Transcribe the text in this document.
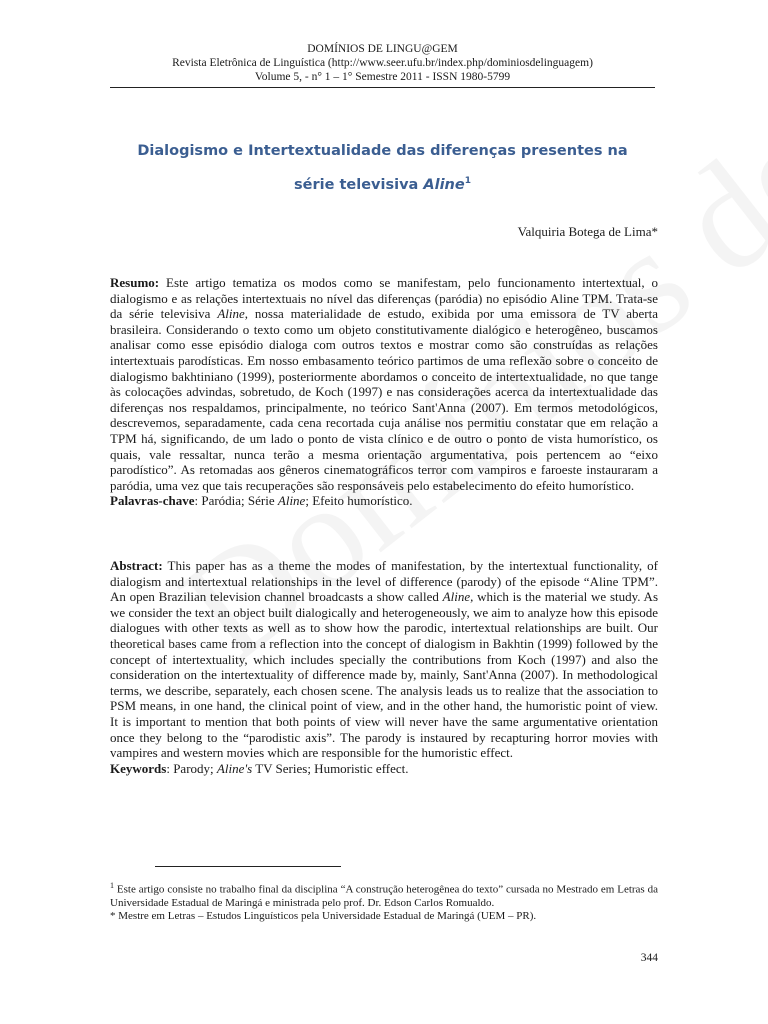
DOMÍNIOS DE LINGU@GEM
Revista Eletrônica de Linguística (http://www.seer.ufu.br/index.php/dominiosdelinguagem)
Volume 5, - n° 1 – 1° Semestre 2011 - ISSN 1980-5799
Dialogismo e Intertextualidade das diferenças presentes na
série televisiva Aline$^1$
Valquiria Botega de Lima*

Resumo: Este artigo tematiza os modos como se manifestam, pelo funcionamento intertextual, o dialogismo e as relações intertextuais no nível das diferenças (paródia) no episódio Aline TPM. Trata-se da série televisiva Aline, nossa materialidade de estudo, exibida por uma emissora de TV aberta brasileira. Considerando o texto como um objeto constitutivamente dialógico e heterogêneo, buscamos analisar como esse episódio dialoga com outros textos e mostrar como são construídas as relações intertextuais parodísticas. Em nosso embasamento teórico partimos de uma reflexão sobre o conceito de dialogismo bakhtiniano (1999), posteriormente abordamos o conceito de intertextualidade, no que tange às colocações advindas, sobretudo, de Koch (1997) e nas considerações acerca da intertextualidade das diferenças nos respaldamos, principalmente, no teórico Sant'Anna (2007). Em termos metodológicos, descrevemos, separadamente, cada cena recortada cuja análise nos permitiu constatar que em relação a TPM há, significando, de um lado o ponto de vista clínico e de outro o ponto de vista humorístico, os quais, vale ressaltar, nunca terão a mesma orientação argumentativa, pois pertencem ao “eixo parodístico”. As retomadas aos gêneros cinematográficos terror com vampiros e faroeste instauraram a paródia, uma vez que tais recuperações são responsáveis pelo estabelecimento do efeito humorístico.

Palavras-chave: Paródia; Série Aline; Efeito humorístico.

Abstract: This paper has as a theme the modes of manifestation, by the intertextual functionality, of dialogism and intertextual relationships in the level of difference (parody) of the episode “Aline TPM”. An open Brazilian television channel broadcasts a show called Aline, which is the material we study. As we consider the text an object built dialogically and heterogeneously, we aim to analyze how this episode dialogues with other texts as well as to show how the parodic, intertextual relationships are built. Our theoretical bases came from a reflection into the concept of dialogism in Bakhtin (1999) followed by the concept of intertextuality, which includes specially the contributions from Koch (1997) and also the consideration on the intertextuality of difference made by, mainly, Sant'Anna (2007). In methodological terms, we describe, separately, each chosen scene. The analysis leads us to realize that the association to PSM means, in one hand, the clinical point of view, and in the other hand, the humoristic point of view. It is important to mention that both points of view will never have the same argumentative orientation once they belong to the “parodistic axis”. The parody is instaured by recapturing horror movies with vampires and western movies which are responsible for the humoristic effect.

Keywords: Parody; Aline's TV Series; Humoristic effect.

$^1$ Este artigo consiste no trabalho final da disciplina “A construção heterogênea do texto” cursada no Mestrado em Letras da Universidade Estadual de Maringá e ministrada pelo prof. Dr. Edson Carlos Romualdo.

* Mestre em Letras – Estudos Linguísticos pela Universidade Estadual de Maringá (UEM – PR).

344
